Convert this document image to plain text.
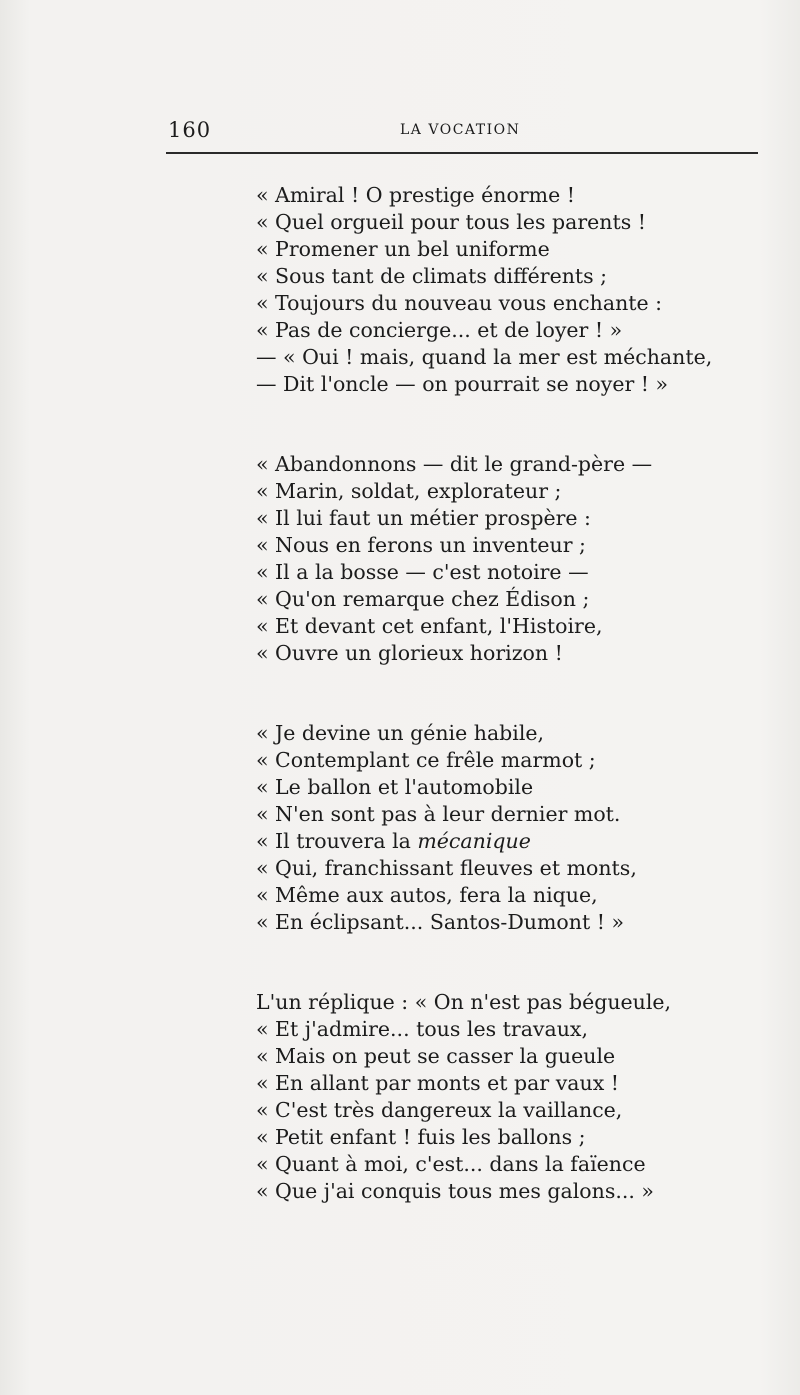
160	LA VOCATION
« Amiral ! O prestige énorme !
« Quel orgueil pour tous les parents !
« Promener un bel uniforme
« Sous tant de climats différents ;
« Toujours du nouveau vous enchante :
« Pas de concierge... et de loyer ! »
— « Oui ! mais, quand la mer est méchante,
— Dit l'oncle — on pourrait se noyer ! »
« Abandonnons — dit le grand-père —
« Marin, soldat, explorateur ;
« Il lui faut un métier prospère :
« Nous en ferons un inventeur ;
« Il a la bosse — c'est notoire —
« Qu'on remarque chez Édison ;
« Et devant cet enfant, l'Histoire,
« Ouvre un glorieux horizon !
« Je devine un génie habile,
« Contemplant ce frêle marmot ;
« Le ballon et l'automobile
« N'en sont pas à leur dernier mot.
« Il trouvera la mécanique
« Qui, franchissant fleuves et monts,
« Même aux autos, fera la nique,
« En éclipsant... Santos-Dumont ! »
L'un réplique : « On n'est pas bégueule,
« Et j'admire... tous les travaux,
« Mais on peut se casser la gueule
« En allant par monts et par vaux !
« C'est très dangereux la vaillance,
« Petit enfant ! fuis les ballons ;
« Quant à moi, c'est... dans la faïence
« Que j'ai conquis tous mes galons... »
